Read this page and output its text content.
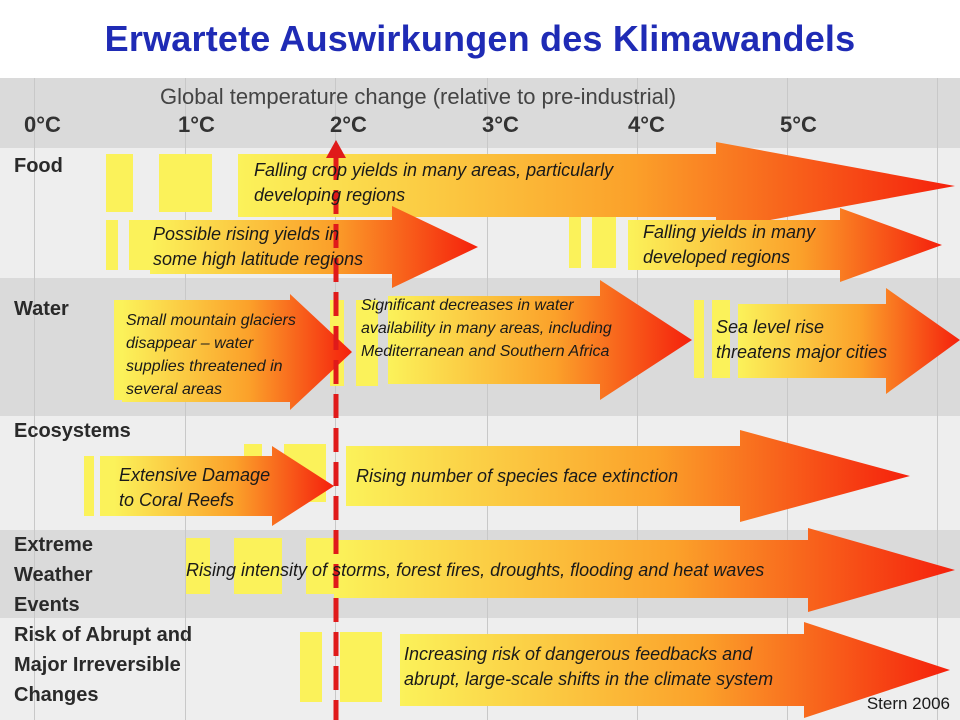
Erwartete Auswirkungen des Klimawandels
Global temperature change (relative to pre-industrial)
0°C	1°C	2°C	3°C	4°C	5°C
Food
Water
Ecosystems
Extreme
Weather
Events
Risk of Abrupt and
Major Irreversible
Changes
Falling crop yields in many areas, particularly
developing regions
Possible rising yields in
some high latitude regions
Falling yields in many
developed regions
Small mountain glaciers
disappear – water
supplies threatened in
several areas
Significant decreases in water
availability in many areas, including
Mediterranean and Southern Africa
Sea level rise
threatens major cities
Extensive Damage
to Coral Reefs
Rising number of species face extinction
Rising intensity of storms, forest fires, droughts, flooding and heat waves
Increasing risk of dangerous feedbacks and
abrupt, large-scale shifts in the climate system
Stern 2006
